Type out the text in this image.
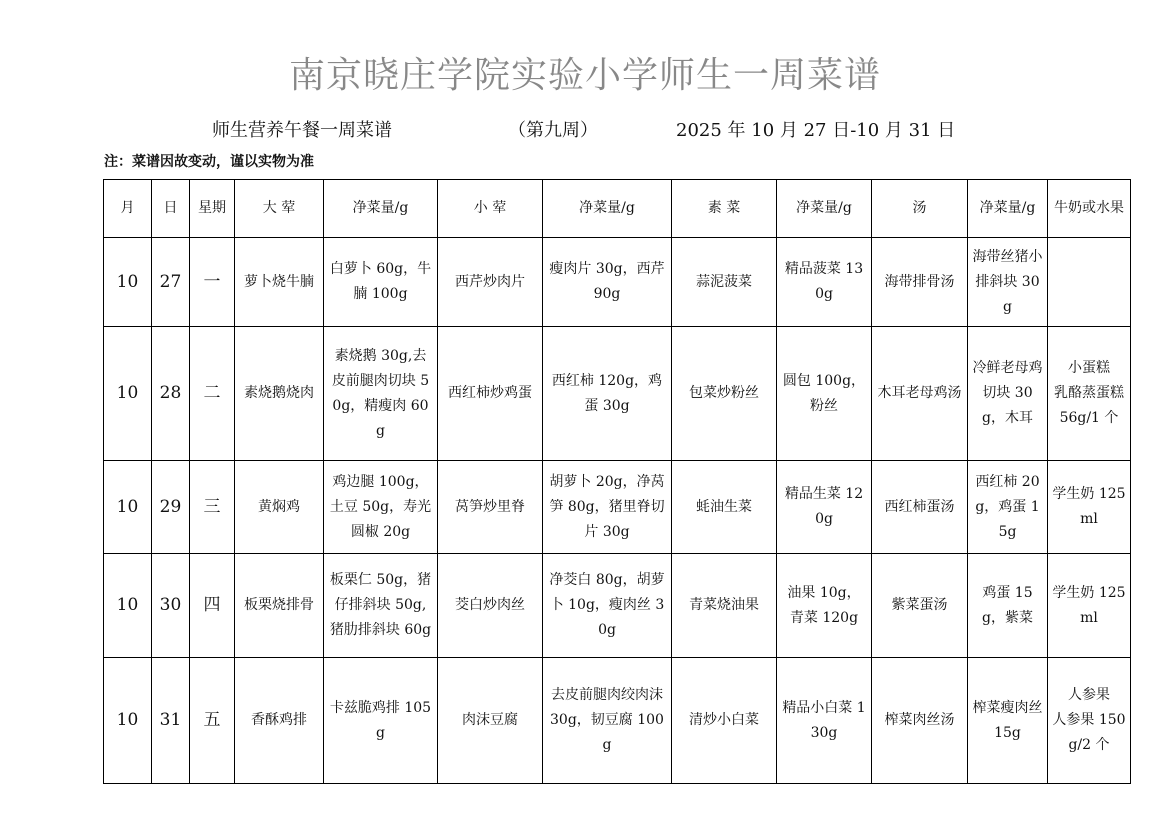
南京晓庄学院实验小学师生一周菜谱
师生营养午餐一周菜谱	（第九周）	2025 年 10 月 27 日-10 月 31 日
注：菜谱因故变动，谨以实物为准
月	日	星期	大 荤	净菜量/g	小 荤	净菜量/g	素 菜	净菜量/g	汤	净菜量/g	牛奶或水果
10	27	一	萝卜烧牛腩	白萝卜 60g，牛腩 100g	西芹炒肉片	瘦肉片 30g，西芹 90g	蒜泥菠菜	精品菠菜 130g	海带排骨汤	海带丝猪小排斜块 30g	
10	28	二	素烧鹅烧肉	素烧鹅 30g,去皮前腿肉切块 50g，精瘦肉 60g	西红柿炒鸡蛋	西红柿 120g，鸡蛋 30g	包菜炒粉丝	圆包 100g，粉丝	木耳老母鸡汤	冷鲜老母鸡切块 30g，木耳	小蛋糕　　乳酪蒸蛋糕 56g/1 个
10	29	三	黄焖鸡	鸡边腿 100g，土豆 50g，寿光圆椒 20g	莴笋炒里脊	胡萝卜 20g，净莴笋 80g，猪里脊切片 30g	蚝油生菜	精品生菜 120g	西红柿蛋汤	西红柿 20g，鸡蛋 15g	学生奶 125ml
10	30	四	板栗烧排骨	板栗仁 50g，猪仔排斜块 50g,猪肋排斜块 60g	茭白炒肉丝	净茭白 80g，胡萝卜 10g，瘦肉丝 30g	青菜烧油果	油果 10g，青菜 120g	紫菜蛋汤	鸡蛋 15g，紫菜	学生奶 125ml
10	31	五	香酥鸡排	卡兹脆鸡排 105g	肉沫豆腐	去皮前腿肉绞肉沫 30g，韧豆腐 100g	清炒小白菜	精品小白菜 130g	榨菜肉丝汤	榨菜瘦肉丝 15g	人参果　　人参果 150g/2 个
